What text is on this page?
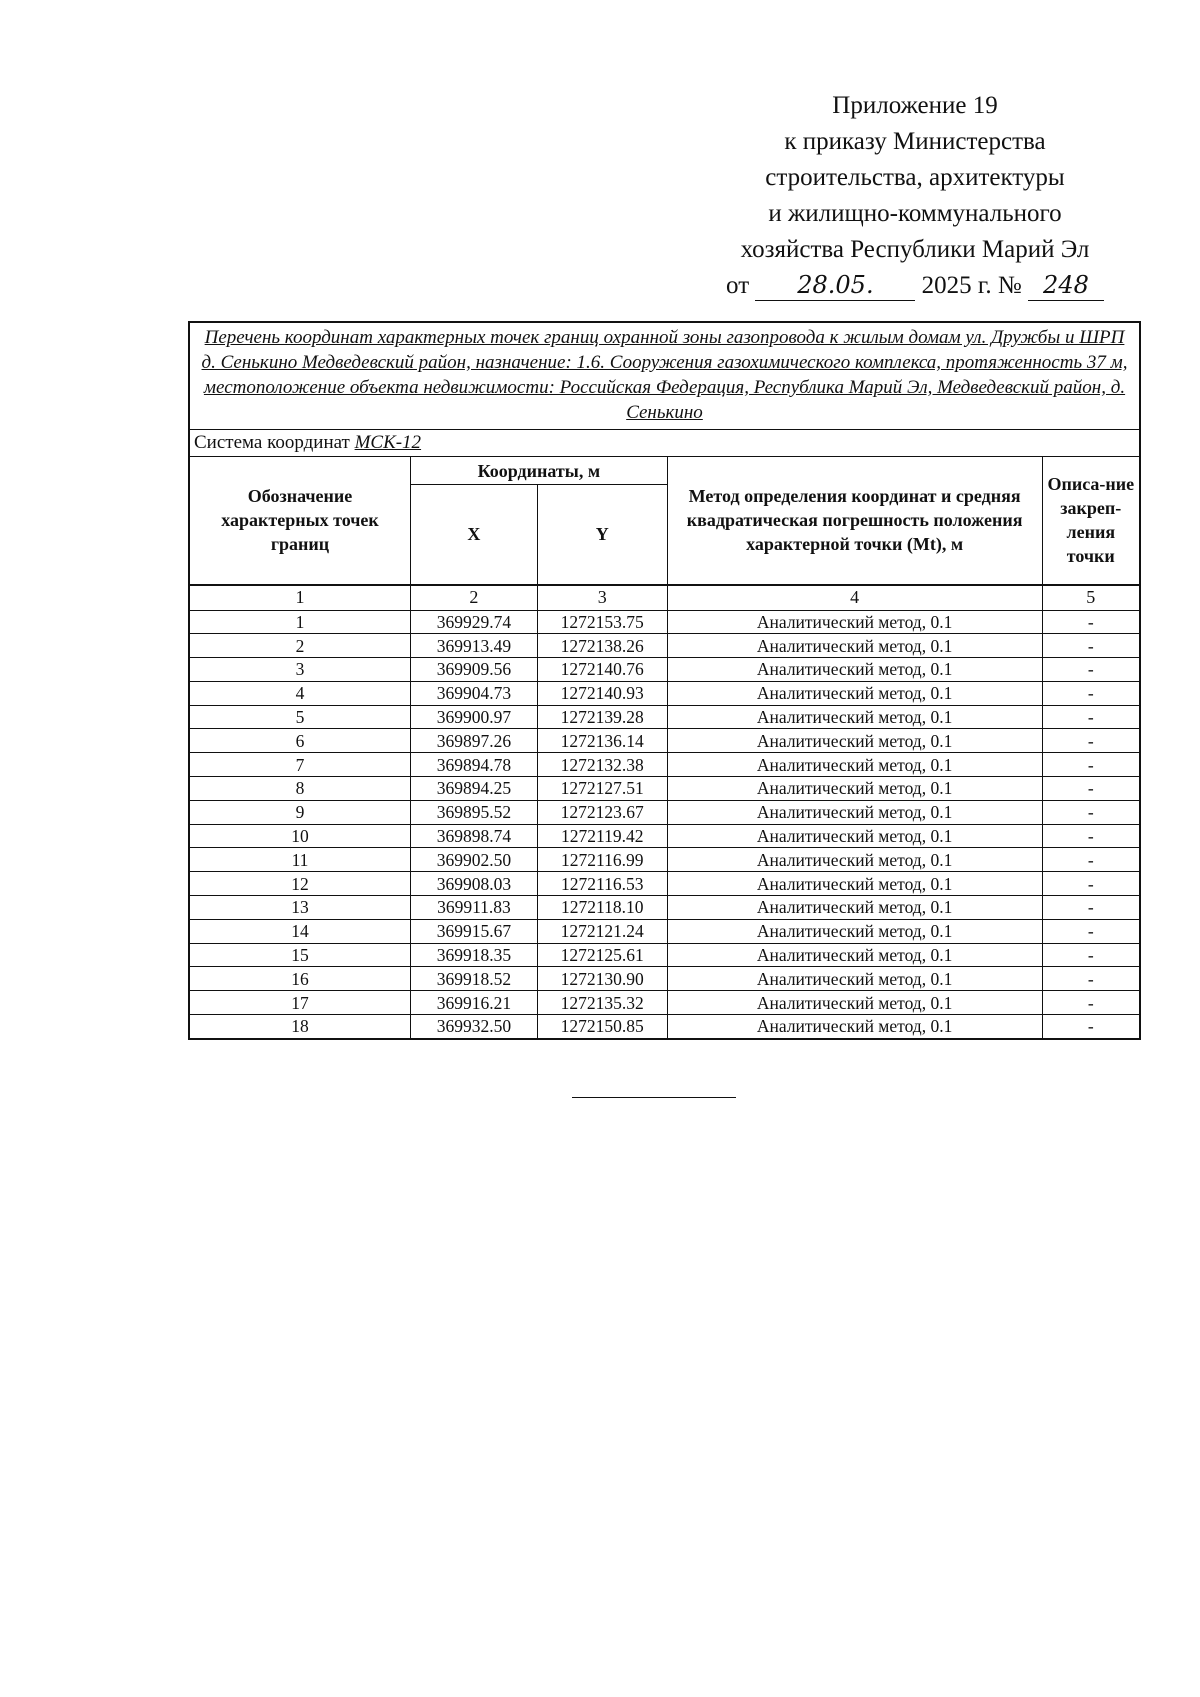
Приложение 19
к приказу Министерства
строительства, архитектуры
и жилищно-коммунального
хозяйства Республики Марий Эл
от 28.05. 2025 г. № 248
Перечень координат характерных точек границ охранной зоны газопровода к жилым домам ул. Дружбы и ШРП д. Сенькино Медведевский район, назначение: 1.6. Сооружения газохимического комплекса, протяженность 37 м, местоположение объекта недвижимости: Российская Федерация, Республика Марий Эл, Медведевский район, д. Сенькино				
Система координат МСК-12				
Обозначение характерных точек границ	Координаты, м		Метод определения координат и средняя квадратическая погрешность положения характерной точки (Mt), м	Описа-ние закреп-ления точки
	X	Y		
1	2	3	4	5
1	369929.74	1272153.75	Аналитический метод, 0.1	-
2	369913.49	1272138.26	Аналитический метод, 0.1	-
3	369909.56	1272140.76	Аналитический метод, 0.1	-
4	369904.73	1272140.93	Аналитический метод, 0.1	-
5	369900.97	1272139.28	Аналитический метод, 0.1	-
6	369897.26	1272136.14	Аналитический метод, 0.1	-
7	369894.78	1272132.38	Аналитический метод, 0.1	-
8	369894.25	1272127.51	Аналитический метод, 0.1	-
9	369895.52	1272123.67	Аналитический метод, 0.1	-
10	369898.74	1272119.42	Аналитический метод, 0.1	-
11	369902.50	1272116.99	Аналитический метод, 0.1	-
12	369908.03	1272116.53	Аналитический метод, 0.1	-
13	369911.83	1272118.10	Аналитический метод, 0.1	-
14	369915.67	1272121.24	Аналитический метод, 0.1	-
15	369918.35	1272125.61	Аналитический метод, 0.1	-
16	369918.52	1272130.90	Аналитический метод, 0.1	-
17	369916.21	1272135.32	Аналитический метод, 0.1	-
18	369932.50	1272150.85	Аналитический метод, 0.1	-
